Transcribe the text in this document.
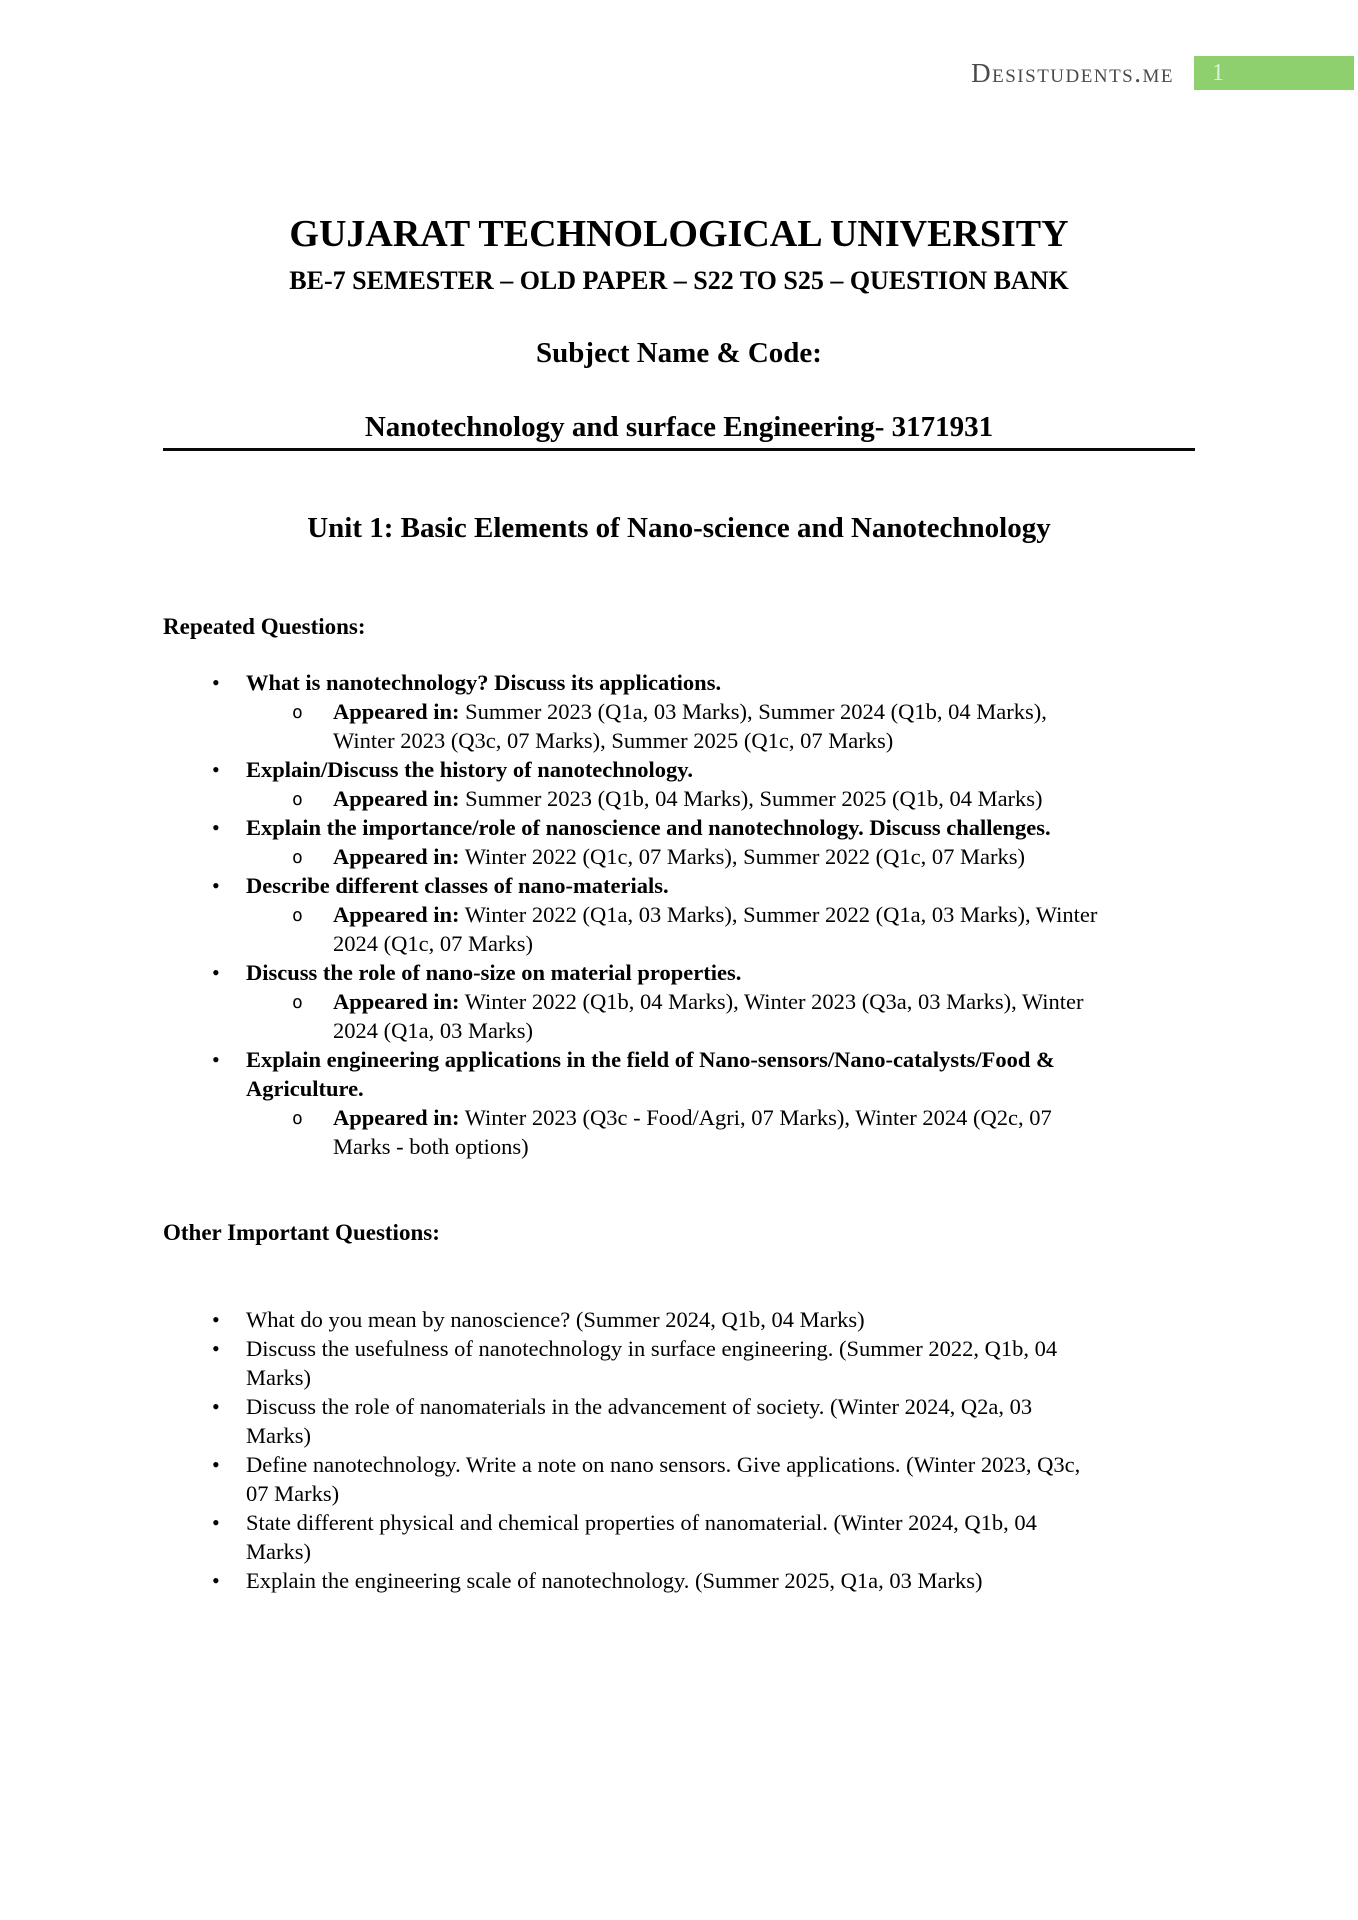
Desistudents.me 1
GUJARAT TECHNOLOGICAL UNIVERSITY
BE-7 SEMESTER – OLD PAPER – S22 TO S25 – QUESTION BANK
Subject Name & Code:
Nanotechnology and surface Engineering- 3171931
Unit 1: Basic Elements of Nano-science and Nanotechnology
Repeated Questions:
• What is nanotechnology? Discuss its applications.
o Appeared in: Summer 2023 (Q1a, 03 Marks), Summer 2024 (Q1b, 04 Marks),
Winter 2023 (Q3c, 07 Marks), Summer 2025 (Q1c, 07 Marks)
• Explain/Discuss the history of nanotechnology.
o Appeared in: Summer 2023 (Q1b, 04 Marks), Summer 2025 (Q1b, 04 Marks)
• Explain the importance/role of nanoscience and nanotechnology. Discuss challenges.
o Appeared in: Winter 2022 (Q1c, 07 Marks), Summer 2022 (Q1c, 07 Marks)
• Describe different classes of nano-materials.
o Appeared in: Winter 2022 (Q1a, 03 Marks), Summer 2022 (Q1a, 03 Marks), Winter
2024 (Q1c, 07 Marks)
• Discuss the role of nano-size on material properties.
o Appeared in: Winter 2022 (Q1b, 04 Marks), Winter 2023 (Q3a, 03 Marks), Winter
2024 (Q1a, 03 Marks)
• Explain engineering applications in the field of Nano-sensors/Nano-catalysts/Food &
Agriculture.
o Appeared in: Winter 2023 (Q3c - Food/Agri, 07 Marks), Winter 2024 (Q2c, 07
Marks - both options)
Other Important Questions:
• What do you mean by nanoscience? (Summer 2024, Q1b, 04 Marks)
• Discuss the usefulness of nanotechnology in surface engineering. (Summer 2022, Q1b, 04
Marks)
• Discuss the role of nanomaterials in the advancement of society. (Winter 2024, Q2a, 03
Marks)
• Define nanotechnology. Write a note on nano sensors. Give applications. (Winter 2023, Q3c,
07 Marks)
• State different physical and chemical properties of nanomaterial. (Winter 2024, Q1b, 04
Marks)
• Explain the engineering scale of nanotechnology. (Summer 2025, Q1a, 03 Marks)
